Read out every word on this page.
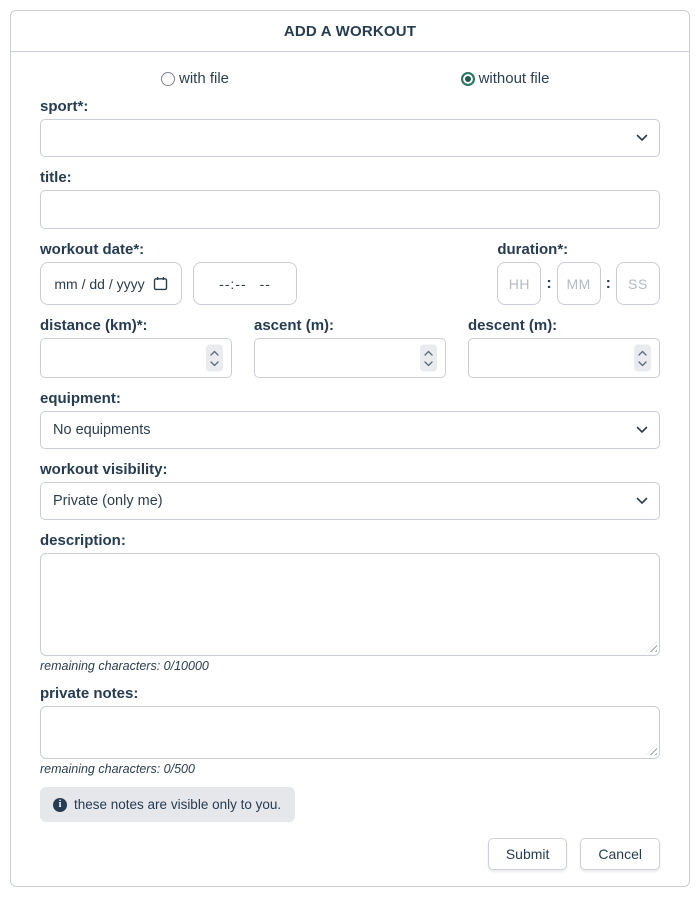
ADD A WORKOUT
with file	without file
sport*:
title:
workout date*:
mm / dd / yyyy	-- : -- --
duration*:
HH : MM : SS
distance (km)*:	ascent (m):	descent (m):
equipment:
No equipments
workout visibility:
Private (only me)
description:
remaining characters: 0/10000
private notes:
remaining characters: 0/500
i these notes are visible only to you.
Submit	Cancel
